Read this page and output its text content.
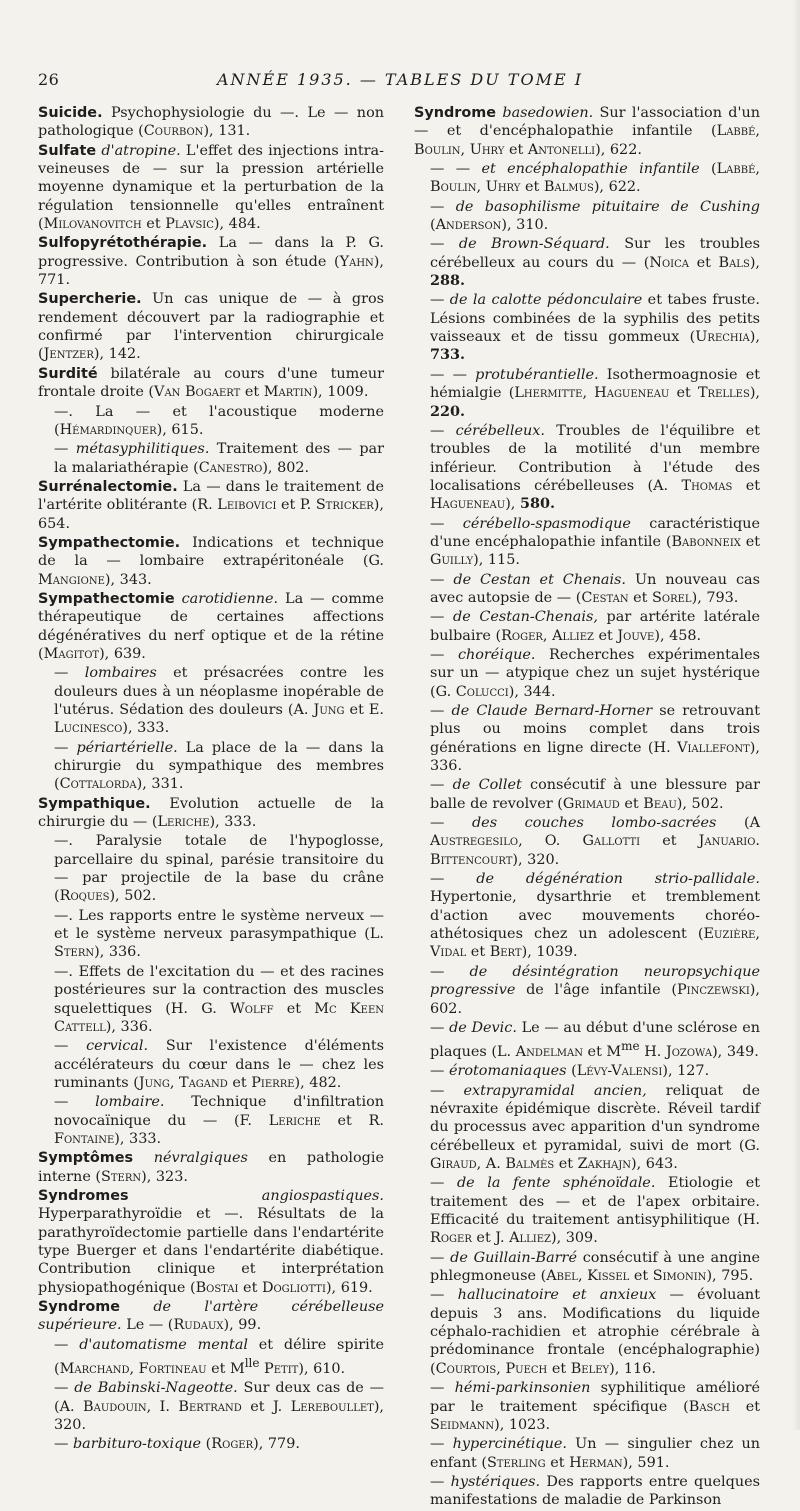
26	ANNÉE 1935. — TABLES DU TOME I

Suicide. Psychophysiologie du —. Le — non pathologique (Courbon), 131.

Sulfate d'atropine. L'effet des injections intra-veineuses de — sur la pression artérielle moyenne dynamique et la perturbation de la régulation tensionnelle qu'elles entraînent (Milovanovitch et Plavsic), 484.

Sulfopyrétothérapie. La — dans la P. G. progressive. Contribution à son étude (Yahn), 771.

Supercherie. Un cas unique de — à gros rendement découvert par la radiographie et confirmé par l'intervention chirurgicale (Jentzer), 142.

Surdité bilatérale au cours d'une tumeur frontale droite (Van Bogaert et Martin), 1009.

—. La — et l'acoustique moderne (Hémardinquer), 615.

— métasyphilitiques. Traitement des — par la malariathérapie (Canestro), 802.

Surrénalectomie. La — dans le traitement de l'artérite oblitérante (R. Leibovici et P. Stricker), 654.

Sympathectomie. Indications et technique de la — lombaire extrapéritonéale (G. Mangione), 343.

Sympathectomie carotidienne. La — comme thérapeutique de certaines affections dégénératives du nerf optique et de la rétine (Magitot), 639.

— lombaires et présacrées contre les douleurs dues à un néoplasme inopérable de l'utérus. Sédation des douleurs (A. Jung et E. Lucinesco), 333.

— périartérielle. La place de la — dans la chirurgie du sympathique des membres (Cottalorda), 331.

Sympathique. Evolution actuelle de la chirurgie du — (Leriche), 333.

—. Paralysie totale de l'hypoglosse, parcellaire du spinal, parésie transitoire du — par projectile de la base du crâne (Roques), 502.

—. Les rapports entre le système nerveux — et le système nerveux parasympathique (L. Stern), 336.

—. Effets de l'excitation du — et des racines postérieures sur la contraction des muscles squelettiques (H. G. Wolff et Mc Keen Cattell), 336.

— cervical. Sur l'existence d'éléments accélérateurs du cœur dans le — chez les ruminants (Jung, Tagand et Pierre), 482.

— lombaire. Technique d'infiltration novocaïnique du — (F. Leriche et R. Fontaine), 333.

Symptômes névralgiques en pathologie interne (Stern), 323.

Syndromes	angiospastiques. Hyperparathyroïdie et —. Résultats de la parathyroïdectomie partielle dans l'endartérite type Buerger et dans l'endartérite diabétique. Contribution clinique et interprétation physiopathogénique (Bostai et Dogliotti), 619.

Syndrome de l'artère cérébelleuse supérieure. Le — (Rudaux), 99.

— d'automatisme mental et délire spirite (Marchand, Fortineau et $M^{lle}$ Petit), 610.

— de Babinski-Nageotte. Sur deux cas de — (A. Baudouin, I. Bertrand et J. Lereboullet), 320.

— barbituro-toxique (Roger), 779.

Syndrome basedowien. Sur l'association d'un — et d'encéphalopathie infantile (Labbé, Boulin, Uhry et Antonelli), 622.

— — et encéphalopathie infantile (Labbé, Boulin, Uhry et Balmus), 622.

— de basophilisme pituitaire de Cushing (Anderson), 310.

— de Brown-Séquard. Sur les troubles cérébelleux au cours du — (Noica et Bals), 288.

— de la calotte pédonculaire et tabes fruste. Lésions combinées de la syphilis des petits vaisseaux et de tissu gommeux (Urechia), 733.

— — protubérantielle. Isothermoagnosie et hémialgie (Lhermitte, Hagueneau et Trelles), 220.

— cérébelleux. Troubles de l'équilibre et troubles de la motilité d'un membre inférieur. Contribution à l'étude des localisations cérébelleuses (A. Thomas et Hagueneau), 580.

— cérébello-spasmodique caractéristique d'une encéphalopathie infantile (Babonneix et Guilly), 115.

— de Cestan et Chenais. Un nouveau cas avec autopsie de — (Cestan et Sorel), 793.

— de Cestan-Chenais, par artérite latérale bulbaire (Roger, Alliez et Jouve), 458.

— choréique. Recherches expérimentales sur un — atypique chez un sujet hystérique (G. Colucci), 344.

— de Claude Bernard-Horner se retrouvant plus ou moins complet dans trois générations en ligne directe (H. Viallefont), 336.

— de Collet consécutif à une blessure par balle de revolver (Grimaud et Beau), 502.

— des couches lombo-sacrées (A Austregesilo, O. Gallotti et Januario. Bittencourt), 320.

— de dégénération strio-pallidale. Hypertonie, dysarthrie et tremblement d'action avec mouvements choréo-athétosiques chez un adolescent (Euzière, Vidal et Bert), 1039.

— de désintégration neuropsychique progressive de l'âge infantile (Pinczewski), 602.

— de Devic. Le — au début d'une sclérose en plaques (L. Andelman et $M^{me}$ H. Jozowa), 349.

— érotomaniaques (Lévy-Valensi), 127.

— extrapyramidal ancien, reliquat de névraxite épidémique discrète. Réveil tardif du processus avec apparition d'un syndrome cérébelleux et pyramidal, suivi de mort (G. Giraud, A. Balmès et Zakhajn), 643.

— de la fente sphénoïdale. Etiologie et traitement des — et de l'apex orbitaire. Efficacité du traitement antisyphilitique (H. Roger et J. Alliez), 309.

— de Guillain-Barré consécutif à une angine phlegmoneuse (Abel, Kissel et Simonin), 795.

— hallucinatoire et anxieux — évoluant depuis 3 ans. Modifications du liquide céphalo-rachidien et atrophie cérébrale à prédominance frontale (encéphalographie) (Courtois, Puech et Beley), 116.

— hémi-parkinsonien syphilitique amélioré par le traitement spécifique (Basch et Seidmann), 1023.

— hypercinétique. Un — singulier chez un enfant (Sterling et Herman), 591.

— hystériques. Des rapports entre quelques manifestations de maladie de Parkinson
